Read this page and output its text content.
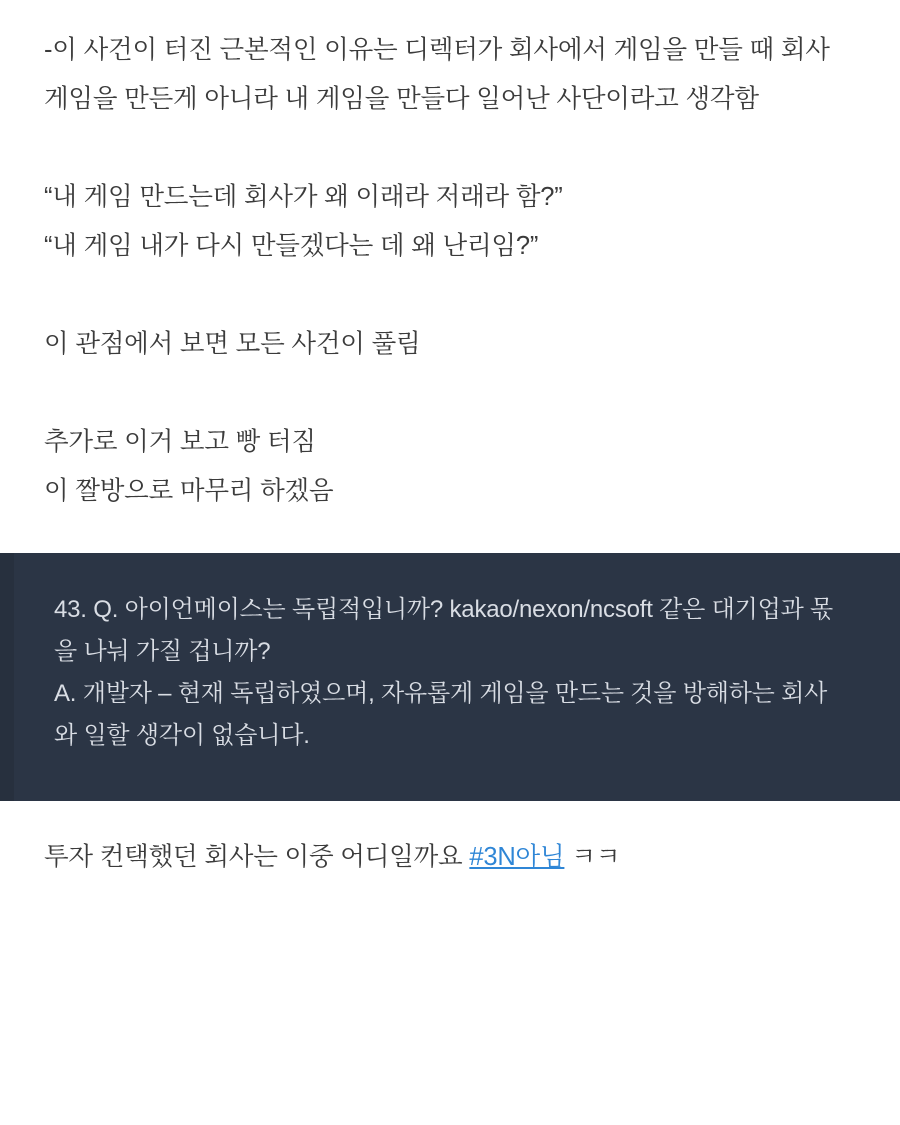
-이 사건이 터진 근본적인 이유는 디렉터가 회사에서 게임을 만들 때 회사 게임을 만든게 아니라 내 게임을 만들다 일어난 사단이라고 생각함

“내 게임 만드는데 회사가 왜 이래라 저래라 함?”

“내 게임 내가 다시 만들겠다는 데 왜 난리임?”

이 관점에서 보면 모든 사건이 풀림

추가로 이거 보고 빵 터짐

이 짤방으로 마무리 하겠음

43. Q. 아이언메이스는 독립적입니까? kakao/nexon/ncsoft 같은 대기업과 몫을 나눠 가질 겁니까?

A. 개발자 – 현재 독립하였으며, 자유롭게 게임을 만드는 것을 방해하는 회사와 일할 생각이 없습니다.

투자 컨택했던 회사는 이중 어디일까요 #3N아님 ㅋㅋ
